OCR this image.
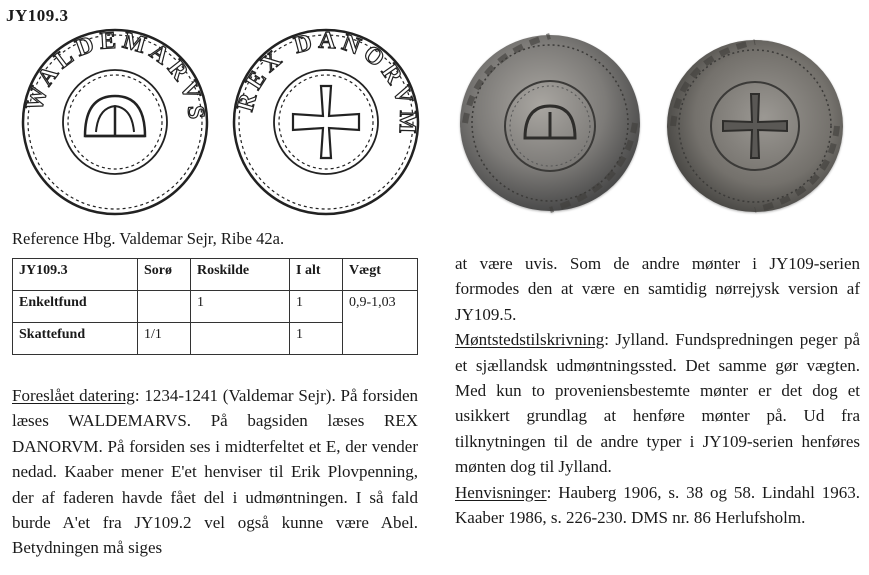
JY109.3
WALDEMARVS
REX DANORVM
Reference Hbg. Valdemar Sejr, Ribe 42a.
JY109.3	Sorø	Roskilde	I alt	Vægt
Enkeltfund		1	1	0,9-1,03
Skattefund	1/1		1	
Foreslået datering: 1234-1241 (Valdemar Sejr). På forsiden læses WALDEMARVS. På bagsiden læses REX DANORVM. På forsiden ses i midterfeltet et E, der vender nedad. Kaaber mener E'et henviser til Erik Plovpenning, der af faderen havde fået del i udmøntningen. I så fald burde A'et fra JY109.2 vel også kunne være Abel. Betydningen må siges
at være uvis. Som de andre mønter i JY109-serien formodes den at være en samtidig nørrejysk version af JY109.5.
Møntstedstilskrivning: Jylland. Fundspredningen peger på et sjællandsk udmøntningssted. Det samme gør vægten. Med kun to proveniensbestemte mønter er det dog et usikkert grundlag at henføre mønter på. Ud fra tilknytningen til de andre typer i JY109-serien henføres mønten dog til Jylland.
Henvisninger: Hauberg 1906, s. 38 og 58. Lindahl 1963. Kaaber 1986, s. 226-230. DMS nr. 86 Herlufsholm.
